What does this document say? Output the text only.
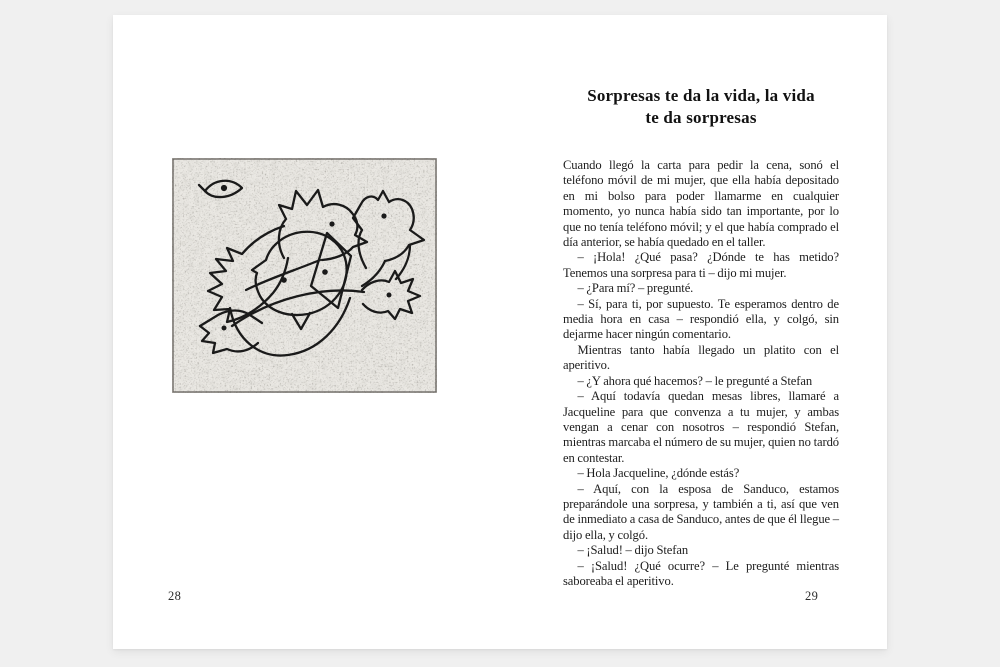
28
Sorpresas te da la vida, la vida
te da sorpresas

Cuando llegó la carta para pedir la cena, sonó el teléfono móvil de mi mujer, que ella había depositado en mi bolso para poder llamarme en cualquier momento, yo nunca había sido tan importante, por lo que no tenía teléfono móvil; y el que había comprado el día anterior, se había quedado en el taller.

– ¡Hola! ¿Qué pasa? ¿Dónde te has metido? Tenemos una sorpresa para ti – dijo mi mujer.

– ¿Para mí? – pregunté.

– Sí, para ti, por supuesto. Te esperamos dentro de media hora en casa – respondió ella, y colgó, sin dejarme hacer ningún comentario.

Mientras tanto había llegado un platito con el aperitivo.

– ¿Y ahora qué hacemos? – le pregunté a Stefan

– Aquí todavía quedan mesas libres, llamaré a Jacqueline para que convenza a tu mujer, y ambas vengan a cenar con nosotros – respondió Stefan, mientras marcaba el número de su mujer, quien no tardó en contestar.

– Hola Jacqueline, ¿dónde estás?

– Aquí, con la esposa de Sanduco, estamos preparándole una sorpresa, y también a ti, así que ven de inmediato a casa de Sanduco, antes de que él llegue – dijo ella, y colgó.

– ¡Salud! – dijo Stefan

– ¡Salud! ¿Qué ocurre? – Le pregunté mientras saboreaba el aperitivo.

29
